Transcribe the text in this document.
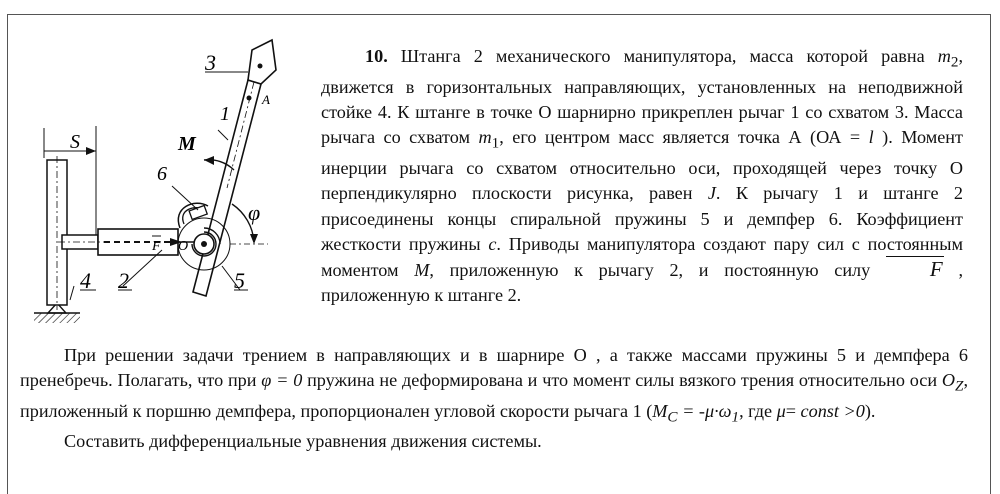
3
1
A
M
6
S
φ
F O
5
2
4

10. Штанга 2 механического манипулятора, масса которой равна $m_2$, движется в горизонтальных направляющих, установленных на неподвижной стойке 4. К штанге в точке О шарнирно прикреплен рычаг 1 со схватом 3. Масса рычага со схватом $m_1$, его центром масс является точка А (ОА = l ). Момент инерции рычага со схватом относительно оси, проходящей через точку О перпендикулярно плоскости рисунка, равен J. К рычагу 1 и штанге 2 присоединены концы спиральной пружины 5 и демпфер 6. Коэффициент жесткости пружины c. Приводы манипулятора создают пару сил с постоянным моментом M, приложенную к рычагу 2, и постоянную силу F , приложенную к штанге 2.

При решении задачи трением в направляющих и в шарнире О , а также массами пружины 5 и демпфера 6 пренебречь. Полагать, что при φ = 0 пружина не деформирована и что момент силы вязкого трения относительно оси $O_Z$, приложенный к поршню демпфера, пропорционален угловой скорости рычага 1 ($M_C = -\mu\cdot\omega_1$, где μ= const >0).

Составить дифференциальные уравнения движения системы.
